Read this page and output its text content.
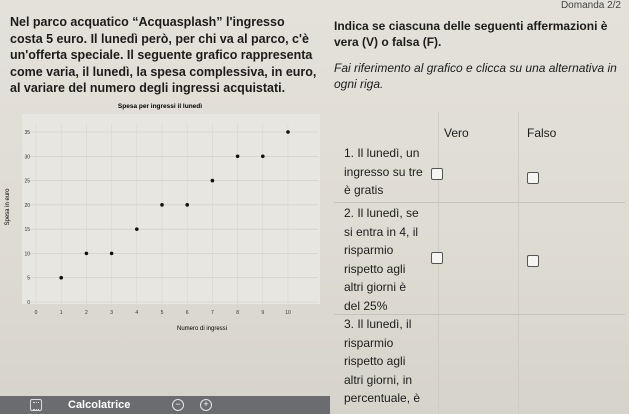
Domanda 2/2
Nel parco acquatico “Acquasplash” l'ingresso costa 5 euro. Il lunedì però, per chi va al parco, c'è un'offerta speciale. Il seguente grafico rappresenta come varia, il lunedì, la spesa complessiva, in euro, al variare del numero degli ingressi acquistati.
Indica se ciascuna delle seguenti affermazioni è vera (V) o falsa (F).
Fai riferimento al grafico e clicca su una alternativa in ogni riga.
Spesa per ingressi il lunedì
Numero di ingressi
Spesa in euro
0
5
10
15
20
25
30
35
0	1	2	3	4	5	6	7	8	9	10
Vero	Falso
1. Il lunedì, un
ingresso su tre
è gratis
2. Il lunedì, se
si entra in 4, il
risparmio
rispetto agli
altri giorni è
del 25%
3. Il lunedì, il
risparmio
rispetto agli
altri giorni, in
percentuale, è
Calcolatrice	−	+
